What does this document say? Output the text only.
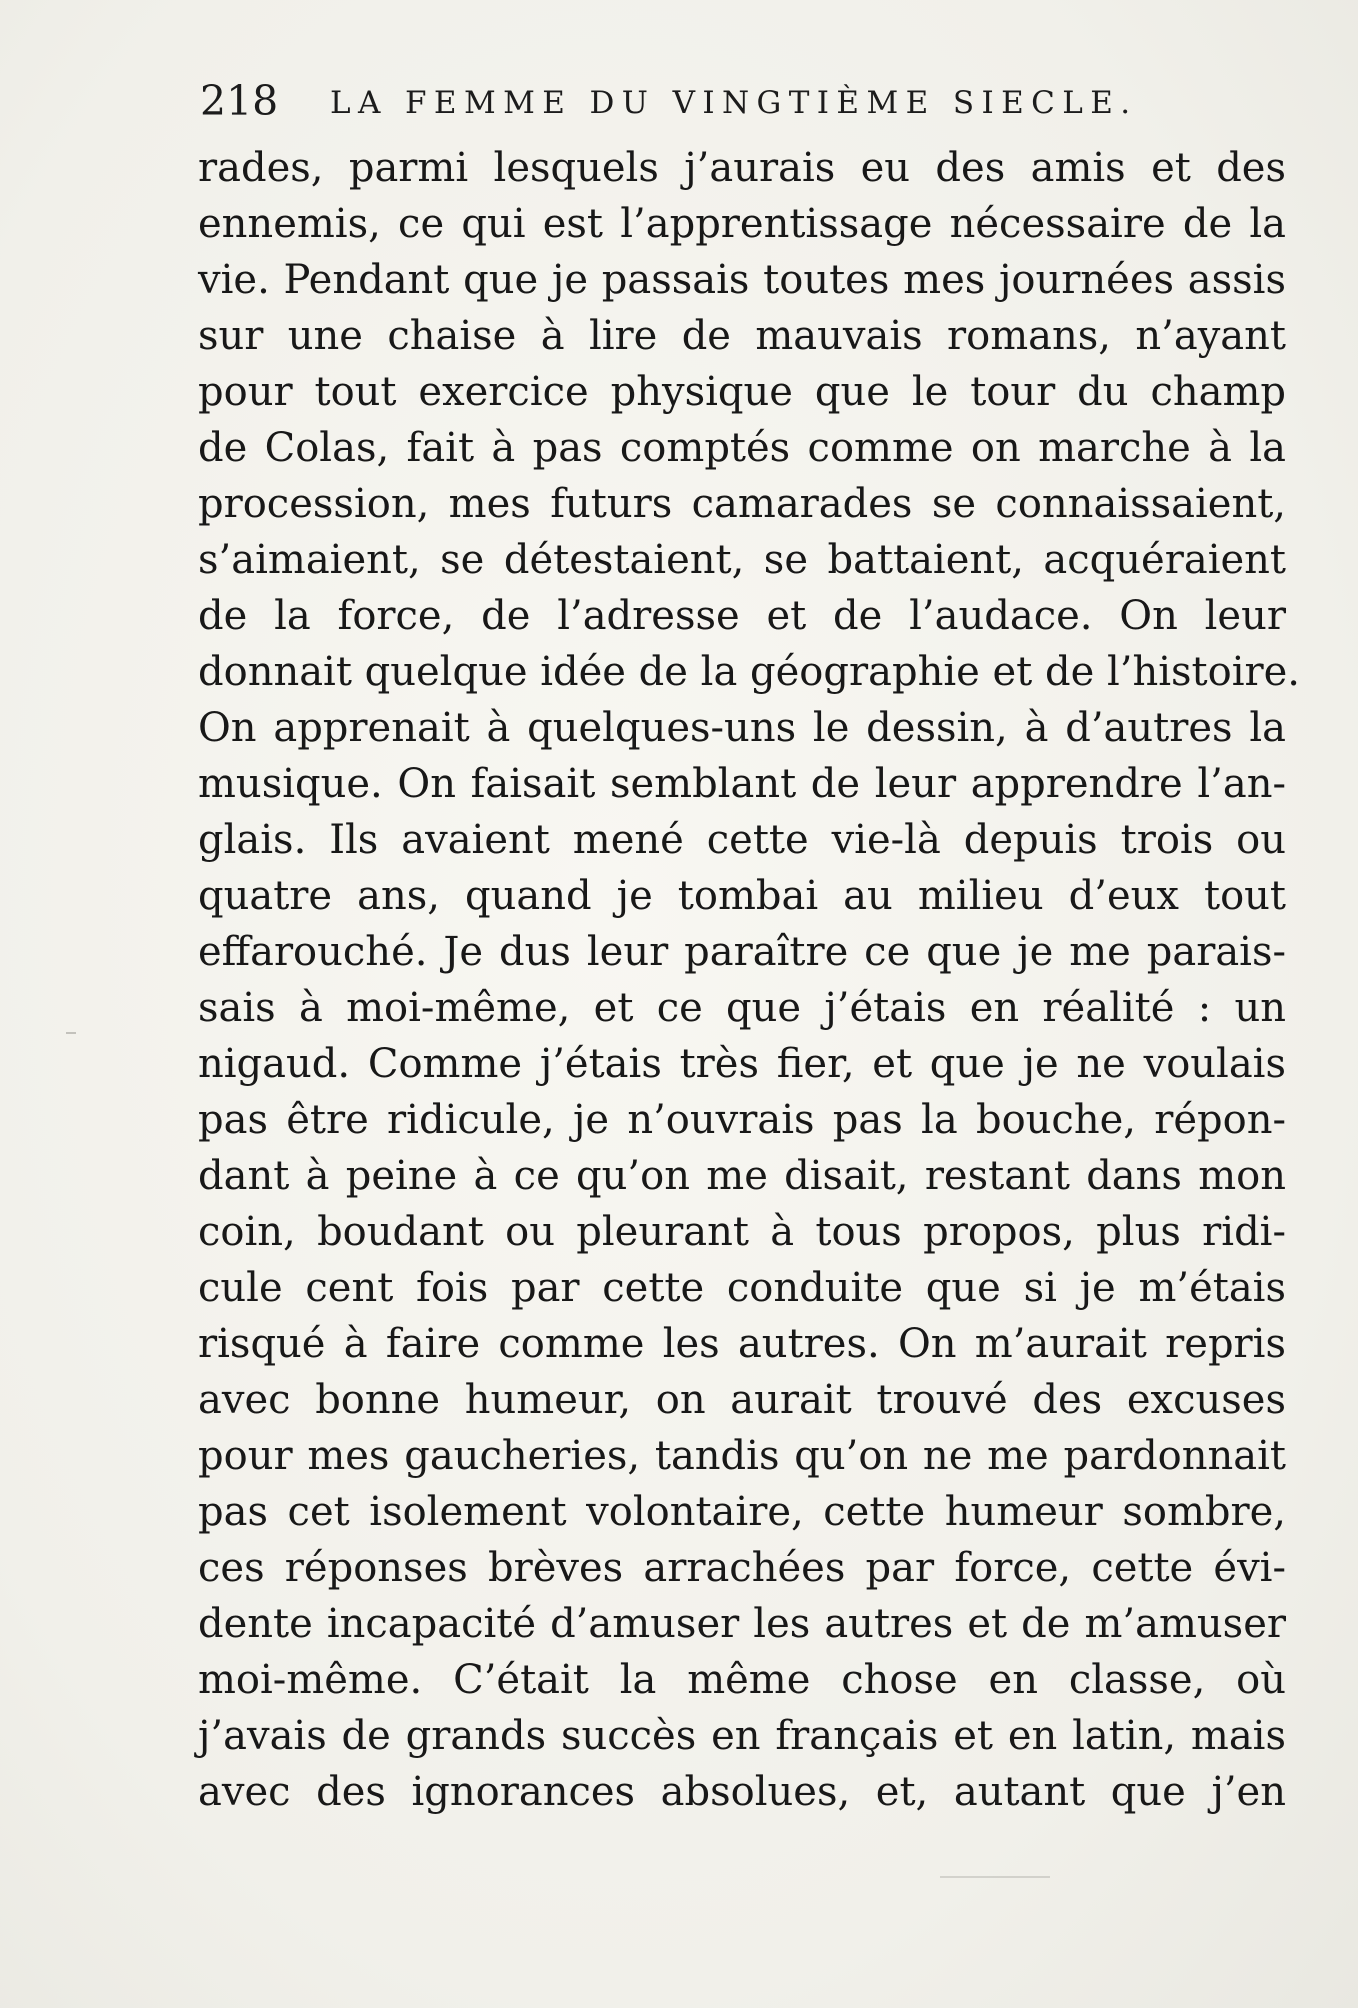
218 LA FEMME DU VINGTIÈME SIECLE.
rades, parmi lesquels j’aurais eu des amis et des
ennemis, ce qui est l’apprentissage nécessaire de la
vie. Pendant que je passais toutes mes journées assis
sur une chaise à lire de mauvais romans, n’ayant
pour tout exercice physique que le tour du champ
de Colas, fait à pas comptés comme on marche à la
procession, mes futurs camarades se connaissaient,
s’aimaient, se détestaient, se battaient, acquéraient
de la force, de l’adresse et de l’audace. On leur
donnait quelque idée de la géographie et de l’histoire.
On apprenait à quelques-uns le dessin, à d’autres la
musique. On faisait semblant de leur apprendre l’an-
glais. Ils avaient mené cette vie-là depuis trois ou
quatre ans, quand je tombai au milieu d’eux tout
effarouché. Je dus leur paraître ce que je me parais-
sais à moi-même, et ce que j’étais en réalité : un
nigaud. Comme j’étais très fier, et que je ne voulais
pas être ridicule, je n’ouvrais pas la bouche, répon-
dant à peine à ce qu’on me disait, restant dans mon
coin, boudant ou pleurant à tous propos, plus ridi-
cule cent fois par cette conduite que si je m’étais
risqué à faire comme les autres. On m’aurait repris
avec bonne humeur, on aurait trouvé des excuses
pour mes gaucheries, tandis qu’on ne me pardonnait
pas cet isolement volontaire, cette humeur sombre,
ces réponses brèves arrachées par force, cette évi-
dente incapacité d’amuser les autres et de m’amuser
moi-même. C’était la même chose en classe, où
j’avais de grands succès en français et en latin, mais
avec des ignorances absolues, et, autant que j’en
